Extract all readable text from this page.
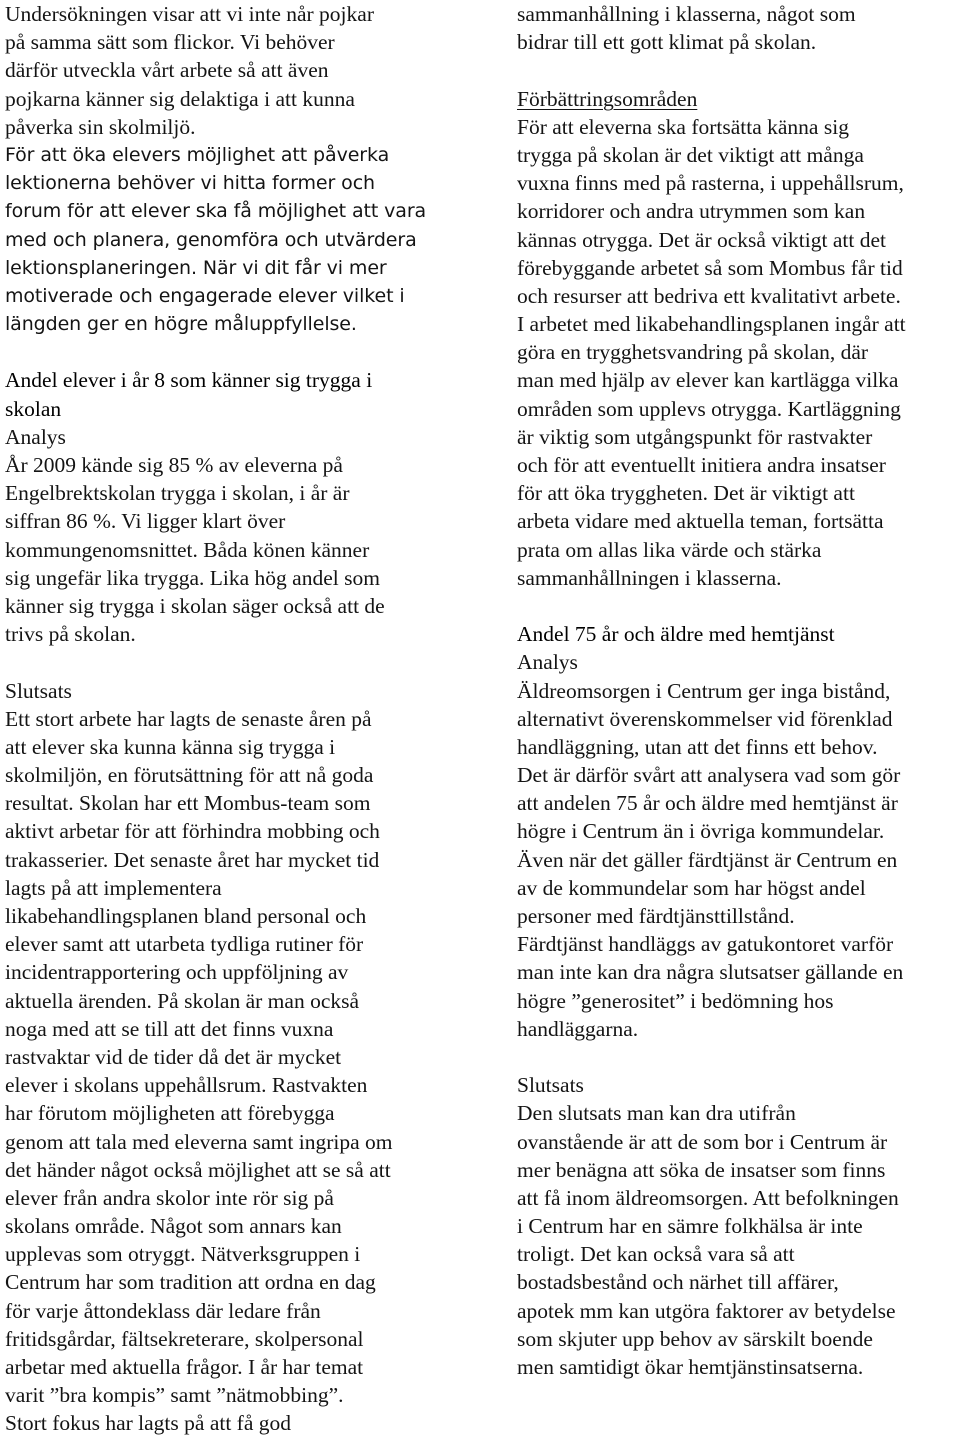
Undersökningen visar att vi inte når pojkar
på samma sätt som flickor. Vi behöver
därför utveckla vårt arbete så att även
pojkarna känner sig delaktiga i att kunna
påverka sin skolmiljö.
För att öka elevers möjlighet att påverka
lektionerna behöver vi hitta former och
forum för att elever ska få möjlighet att vara
med och planera, genomföra och utvärdera
lektionsplaneringen. När vi dit får vi mer
motiverade och engagerade elever vilket i
längden ger en högre måluppfyllelse.
Andel elever i år 8 som känner sig trygga i
skolan
Analys
År 2009 kände sig 85 % av eleverna på
Engelbrektskolan trygga i skolan, i år är
siffran 86 %. Vi ligger klart över
kommungenomsnittet. Båda könen känner
sig ungefär lika trygga. Lika hög andel som
känner sig trygga i skolan säger också att de
trivs på skolan.
Slutsats
Ett stort arbete har lagts de senaste åren på
att elever ska kunna känna sig trygga i
skolmiljön, en förutsättning för att nå goda
resultat. Skolan har ett Mombus-team som
aktivt arbetar för att förhindra mobbing och
trakasserier. Det senaste året har mycket tid
lagts på att implementera
likabehandlingsplanen bland personal och
elever samt att utarbeta tydliga rutiner för
incidentrapportering och uppföljning av
aktuella ärenden. På skolan är man också
noga med att se till att det finns vuxna
rastvaktar vid de tider då det är mycket
elever i skolans uppehållsrum. Rastvakten
har förutom möjligheten att förebygga
genom att tala med eleverna samt ingripa om
det händer något också möjlighet att se så att
elever från andra skolor inte rör sig på
skolans område. Något som annars kan
upplevas som otryggt. Nätverksgruppen i
Centrum har som tradition att ordna en dag
för varje åttondeklass där ledare från
fritidsgårdar, fältsekreterare, skolpersonal
arbetar med aktuella frågor. I år har temat
varit ”bra kompis” samt ”nätmobbing”.
Stort fokus har lagts på att få god
sammanhållning i klasserna, något som
bidrar till ett gott klimat på skolan.
Förbättringsområden
För att eleverna ska fortsätta känna sig
trygga på skolan är det viktigt att många
vuxna finns med på rasterna, i uppehållsrum,
korridorer och andra utrymmen som kan
kännas otrygga. Det är också viktigt att det
förebyggande arbetet så som Mombus får tid
och resurser att bedriva ett kvalitativt arbete.
I arbetet med likabehandlingsplanen ingår att
göra en trygghetsvandring på skolan, där
man med hjälp av elever kan kartlägga vilka
områden som upplevs otrygga. Kartläggning
är viktig som utgångspunkt för rastvakter
och för att eventuellt initiera andra insatser
för att öka tryggheten. Det är viktigt att
arbeta vidare med aktuella teman, fortsätta
prata om allas lika värde och stärka
sammanhållningen i klasserna.
Andel 75 år och äldre med hemtjänst
Analys
Äldreomsorgen i Centrum ger inga bistånd,
alternativt överenskommelser vid förenklad
handläggning, utan att det finns ett behov.
Det är därför svårt att analysera vad som gör
att andelen 75 år och äldre med hemtjänst är
högre i Centrum än i övriga kommundelar.
Även när det gäller färdtjänst är Centrum en
av de kommundelar som har högst andel
personer med färdtjänsttillstånd.
Färdtjänst handläggs av gatukontoret varför
man inte kan dra några slutsatser gällande en
högre ”generositet” i bedömning hos
handläggarna.
Slutsats
Den slutsats man kan dra utifrån
ovanstående är att de som bor i Centrum är
mer benägna att söka de insatser som finns
att få inom äldreomsorgen. Att befolkningen
i Centrum har en sämre folkhälsa är inte
troligt. Det kan också vara så att
bostadsbestånd och närhet till affärer,
apotek mm kan utgöra faktorer av betydelse
som skjuter upp behov av särskilt boende
men samtidigt ökar hemtjänstinsatserna.
